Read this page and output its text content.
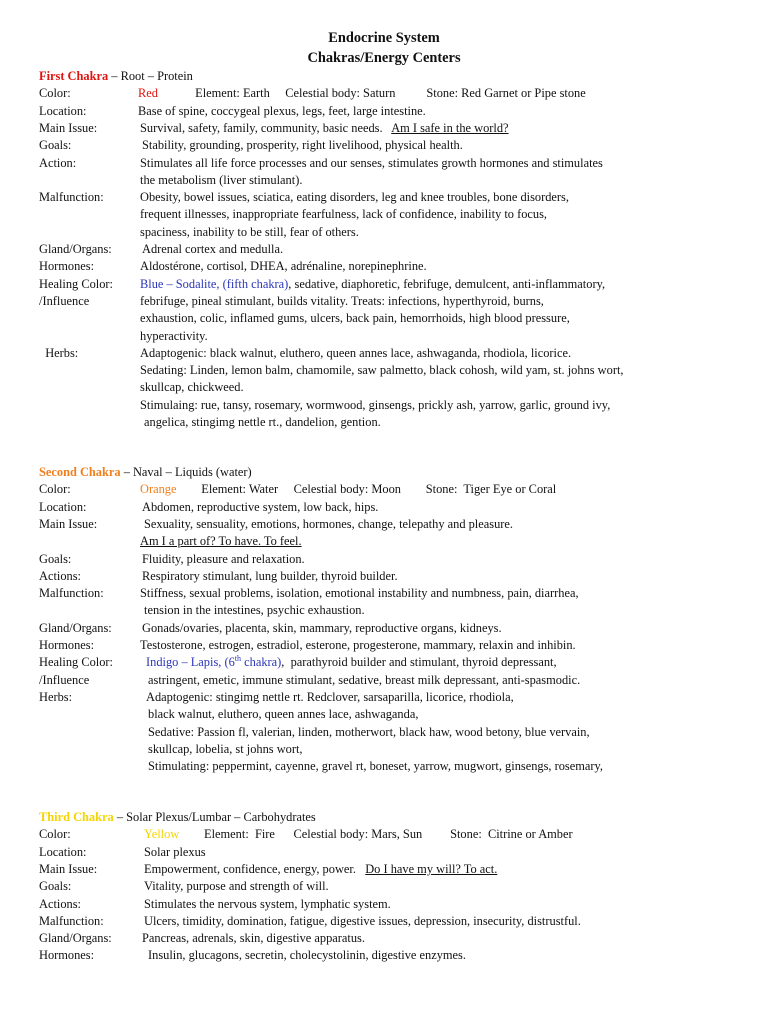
Endocrine System
Chakras/Energy Centers
First Chakra – Root – Protein
Color:	Red            Element: Earth     Celestial body: Saturn          Stone: Red Garnet or Pipe stone
Location:	Base of spine, coccygeal plexus, legs, feet, large intestine.
Main Issue:	Survival, safety, family, community, basic needs.   Am I safe in the world?
Goals:	Stability, grounding, prosperity, right livelihood, physical health.
Action:	Stimulates all life force processes and our senses, stimulates growth hormones and stimulates
the metabolism (liver stimulant).
Malfunction:	Obesity, bowel issues, sciatica, eating disorders, leg and knee troubles, bone disorders,
frequent illnesses, inappropriate fearfulness, lack of confidence, inability to focus,
spaciness, inability to be still, fear of others.
Gland/Organs: Adrenal cortex and medulla.
Hormones:	Aldostérone, cortisol, DHEA, adrénaline, norepinephrine.
Healing Color: Blue – Sodalite, (fifth chakra), sedative, diaphoretic, febrifuge, demulcent, anti-inflammatory,
/Influence	febrifuge, pineal stimulant, builds vitality. Treats: infections, hyperthyroid, burns,
exhaustion, colic, inflamed gums, ulcers, back pain, hemorrhoids, high blood pressure,
hyperactivity.
Herbs:	Adaptogenic: black walnut, eluthero, queen annes lace, ashwaganda, rhodiola, licorice.
Sedating: Linden, lemon balm, chamomile, saw palmetto, black cohosh, wild yam, st. johns wort,
skullcap, chickweed.
Stimulaing: rue, tansy, rosemary, wormwood, ginsengs, prickly ash, yarrow, garlic, ground ivy,
angelica, stingimg nettle rt., dandelion, gention.
Second Chakra – Naval – Liquids (water)
Color:	Orange        Element: Water     Celestial body: Moon        Stone:  Tiger Eye or Coral
Location:	Abdomen, reproductive system, low back, hips.
Main Issue:	Sexuality, sensuality, emotions, hormones, change, telepathy and pleasure.
Am I a part of? To have. To feel.
Goals:	Fluidity, pleasure and relaxation.
Actions:	Respiratory stimulant, lung builder, thyroid builder.
Malfunction:	Stiffness, sexual problems, isolation, emotional instability and numbness, pain, diarrhea,
tension in the intestines, psychic exhaustion.
Gland/Organs: Gonads/ovaries, placenta, skin, mammary, reproductive organs, kidneys.
Hormones:	Testosterone, estrogen, estradiol, esterone, progesterone, mammary, relaxin and inhibin.
Healing Color:	Indigo – Lapis, (6th chakra),  parathyroid builder and stimulant, thyroid depressant,
/Influence	astringent, emetic, immune stimulant, sedative, breast milk depressant, anti-spasmodic.
Herbs:	Adaptogenic: stingimg nettle rt. Redclover, sarsaparilla, licorice, rhodiola,
black walnut, eluthero, queen annes lace, ashwaganda,
Sedative: Passion fl, valerian, linden, motherwort, black haw, wood betony, blue vervain,
skullcap, lobelia, st johns wort,
Stimulating: peppermint, cayenne, gravel rt, boneset, yarrow, mugwort, ginsengs, rosemary,
Third Chakra – Solar Plexus/Lumbar – Carbohydrates
Color:	Yellow        Element:  Fire      Celestial body: Mars, Sun         Stone:  Citrine or Amber
Location:	Solar plexus
Main Issue:	Empowerment, confidence, energy, power.   Do I have my will? To act.
Goals:	Vitality, purpose and strength of will.
Actions:	Stimulates the nervous system, lymphatic system.
Malfunction:	Ulcers, timidity, domination, fatigue, digestive issues, depression, insecurity, distrustful.
Gland/Organs: Pancreas, adrenals, skin, digestive apparatus.
Hormones:	Insulin, glucagons, secretin, cholecystolinin, digestive enzymes.
